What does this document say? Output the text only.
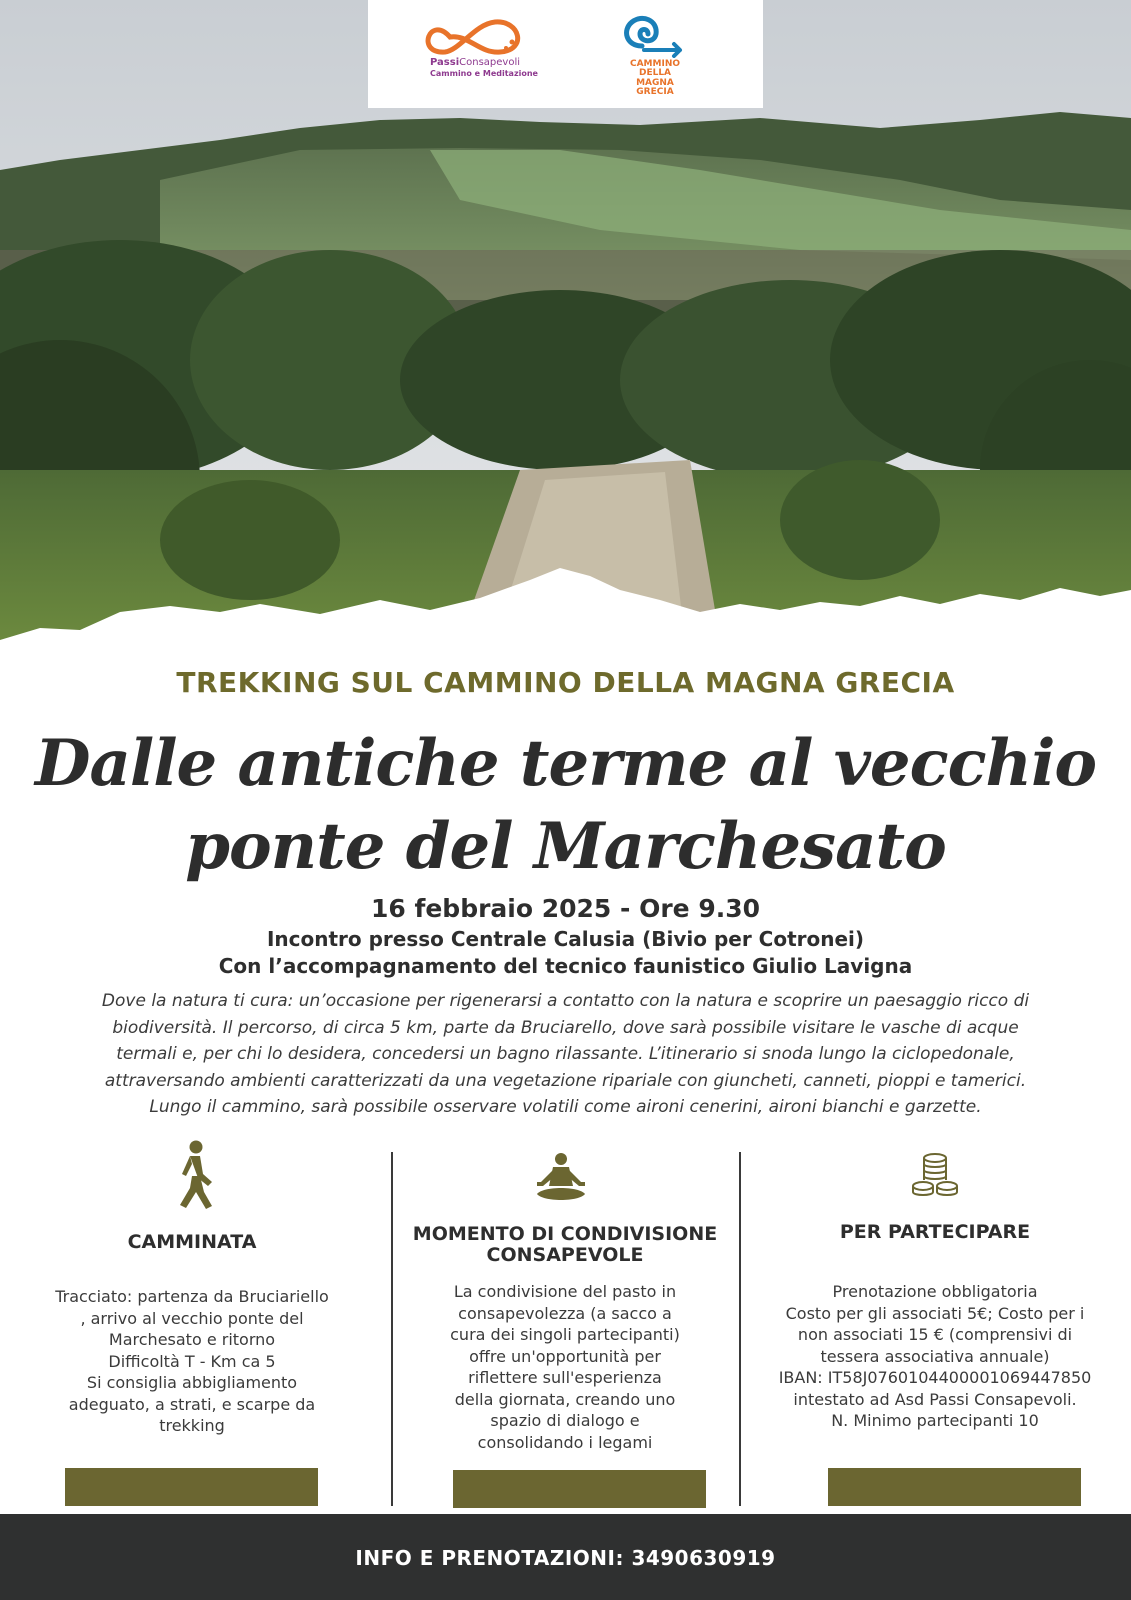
PassiConsapevoli
Cammino e Meditazione
CAMMINO DELLA
MAGNA GRECIA
TREKKING SUL CAMMINO DELLA MAGNA GRECIA
Dalle antiche terme al vecchio
ponte del Marchesato
16 febbraio 2025 - Ore 9.30
Incontro presso Centrale Calusia (Bivio per Cotronei)
Con l’accompagnamento del tecnico faunistico Giulio Lavigna
Dove la natura ti cura: un’occasione per rigenerarsi a contatto con la natura e scoprire un paesaggio ricco di
biodiversità. Il percorso, di circa 5 km, parte da Bruciarello, dove sarà possibile visitare le vasche di acque
termali e, per chi lo desidera, concedersi un bagno rilassante. L’itinerario si snoda lungo la ciclopedonale,
attraversando ambienti caratterizzati da una vegetazione ripariale con giuncheti, canneti, pioppi e tamerici.
Lungo il cammino, sarà possibile osservare volatili come aironi cenerini, aironi bianchi e garzette.
CAMMINATA
Tracciato: partenza da Bruciariello
, arrivo al vecchio ponte del
Marchesato e ritorno
Difficoltà T - Km ca 5
Si consiglia abbigliamento
adeguato, a strati, e scarpe da
trekking
MOMENTO DI CONDIVISIONE
CONSAPEVOLE
La condivisione del pasto in
consapevolezza (a sacco a
cura dei singoli partecipanti)
offre un'opportunità per
riflettere sull'esperienza
della giornata, creando uno
spazio di dialogo e
consolidando i legami
PER PARTECIPARE
Prenotazione obbligatoria
Costo per gli associati 5€; Costo per i
non associati 15 € (comprensivi di
tessera associativa annuale)
IBAN: IT58J0760104400001069447850
intestato ad Asd Passi Consapevoli.
N. Minimo partecipanti 10
INFO E PRENOTAZIONI: 3490630919
